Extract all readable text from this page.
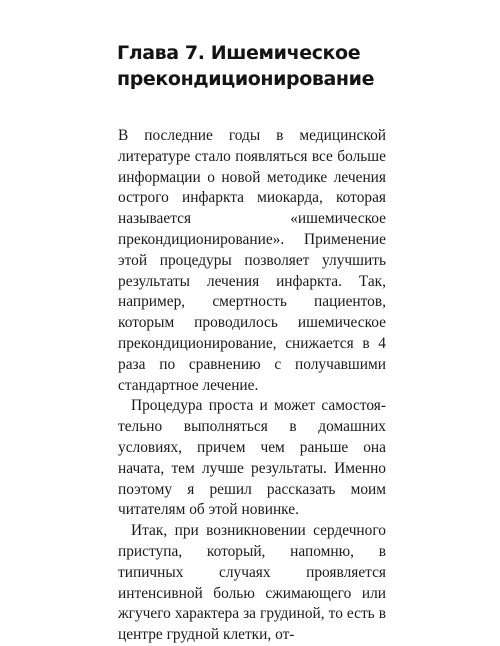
Глава 7. Ишемическое
прекондиционирование

В последние годы в медицинской литературе стало появляться все больше информации о новой методике лечения острого инфаркта миокарда, которая называется «ишемическое прекондиционирование». Применение этой процедуры позволяет улучшить результаты лечения инфаркта. Так, например, смертность пациентов, которым проводилось ишемическое прекондиционирование, снижается в 4 раза по сравнению с получавшими стандартное лечение.

Процедура проста и может самостоятельно выполняться в домашних условиях, причем чем раньше она начата, тем лучше результаты. Именно поэтому я решил рассказать моим читателям об этой новинке.

Итак, при возникновении сердечного приступа, который, напомню, в типичных случаях проявляется интенсивной болью сжимающего или жгучего характера за грудиной, то есть в центре грудной клетки, от-
